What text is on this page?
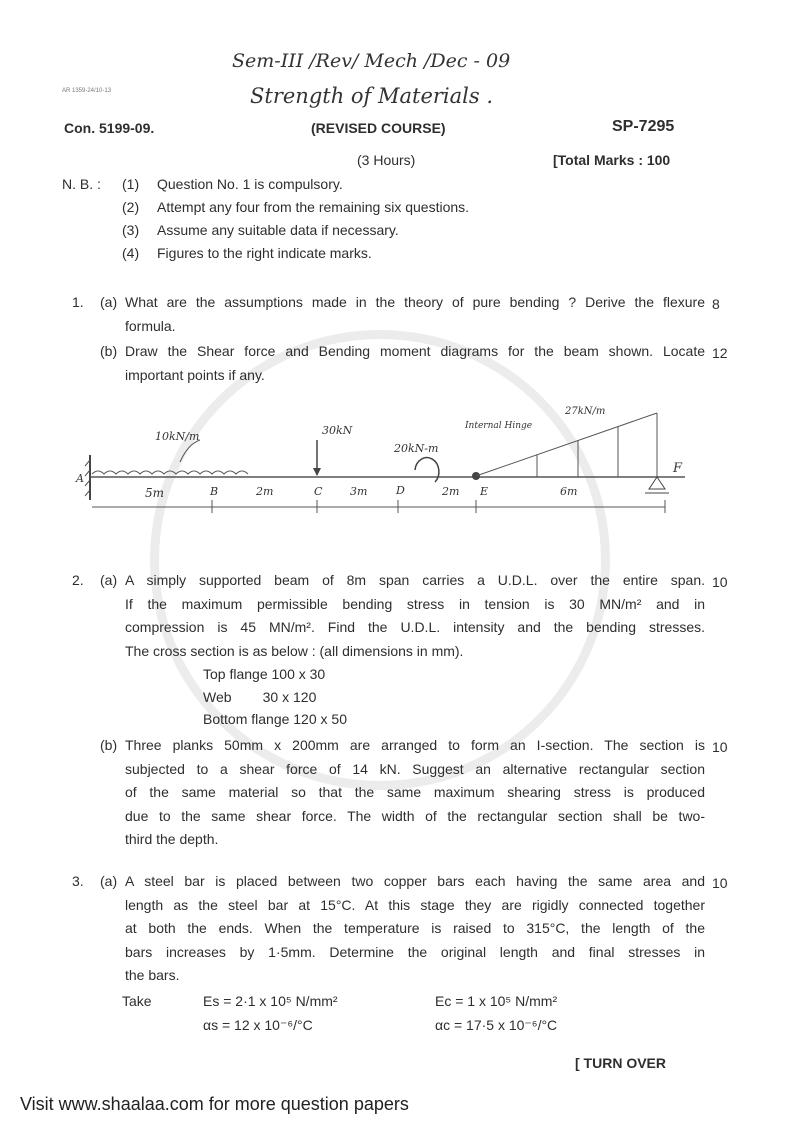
Sem-III /Rev/ Mech /Dec - 09
Strength of Materials .
AR 1359-24/10-13
Con. 5199-09.	(REVISED COURSE)	SP-7295
(3 Hours)	[Total Marks : 100
N. B. :
10kN/m	30kN
20kN-m
Internal Hinge
27kN/m
A
B	C	D	E
F
5m	2m	3m	2m	6m
Take	Es = 2·1 x 10⁵ N/mm²	Ec = 1 x 10⁵ N/mm²
αs = 12 x 10⁻⁶/°C	αc = 17·5 x 10⁻⁶/°C
[ TURN OVER
Visit www.shaalaa.com for more question papers
(1) Question No. 1 is compulsory.
(2) Attempt any four from the remaining six questions.
(3) Assume any suitable data if necessary.
(4) Figures to the right indicate marks.
1. (a)	8
What are the assumptions made in the theory of pure bending ? Derive the flexure
formula.
(b)	12
Draw the Shear force and Bending moment diagrams for the beam shown. Locate
important points if any.
2. (a)	10
A simply supported beam of 8m span carries a U.D.L. over the entire span.
If the maximum permissible bending stress in tension is 30 MN/m² and in
compression is 45 MN/m². Find the U.D.L. intensity and the bending stresses.
The cross section is as below : (all dimensions in mm).
Top flange 100 x 30
Web        30 x 120
Bottom flange 120 x 50
(b)	10
Three planks 50mm x 200mm are arranged to form an I-section. The section is
subjected to a shear force of 14 kN. Suggest an alternative rectangular section
of the same material so that the same maximum shearing stress is produced
due to the same shear force. The width of the rectangular section shall be two-
third the depth.
3. (a)	10
A steel bar is placed between two copper bars each having the same area and
length as the steel bar at 15°C. At this stage they are rigidly connected together
at both the ends. When the temperature is raised to 315°C, the length of the
bars increases by 1·5mm. Determine the original length and final stresses in
the bars.
